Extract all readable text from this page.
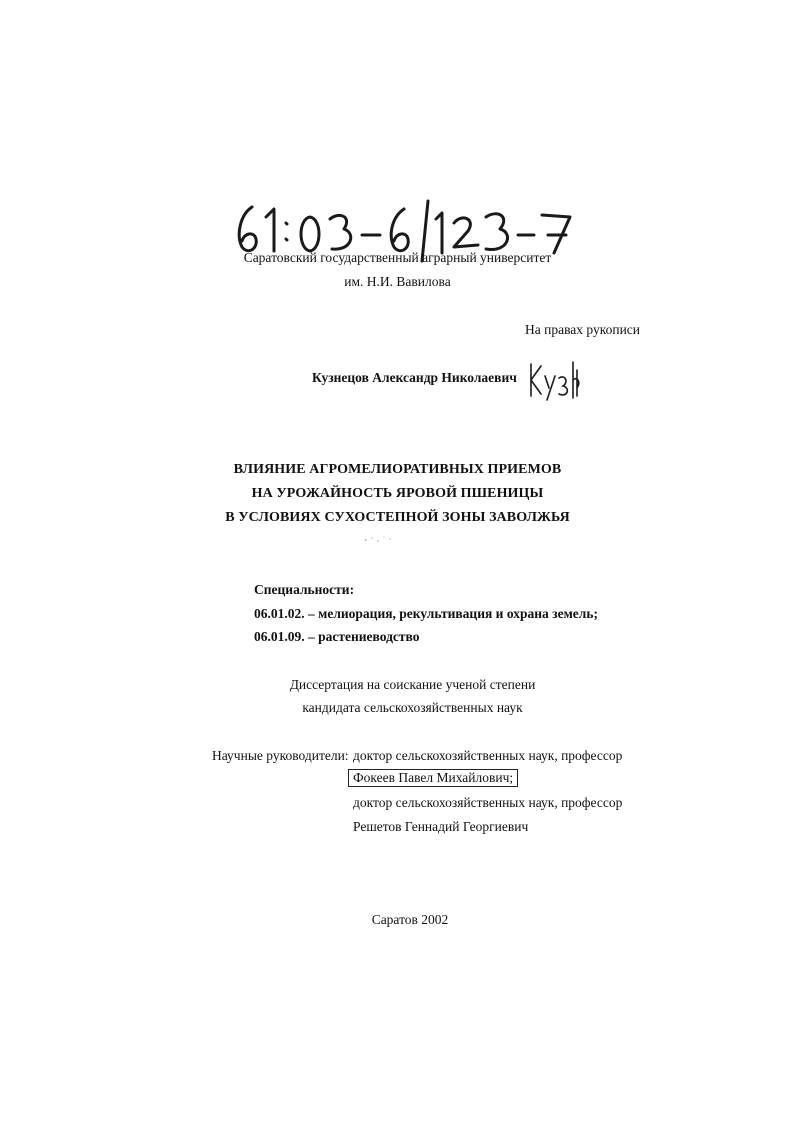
Саратовский государственный аграрный университет
им. Н.И. Вавилова
На правах рукописи
Кузнецов Александр Николаевич
ВЛИЯНИЕ АГРОМЕЛИОРАТИВНЫХ ПРИЕМОВ
НА УРОЖАЙНОСТЬ ЯРОВОЙ ПШЕНИЦЫ
В УСЛОВИЯХ СУХОСТЕПНОЙ ЗОНЫ ЗАВОЛЖЬЯ
Специальности:
06.01.02. – мелиорация, рекультивация и охрана земель;
06.01.09. – растениеводство
Диссертация на соискание ученой степени
кандидата сельскохозяйственных наук
Научные руководители: доктор сельскохозяйственных наук, профессор
Фокеев Павел Михайлович;
доктор сельскохозяйственных наук, профессор
Решетов Геннадий Георгиевич
Саратов 2002
